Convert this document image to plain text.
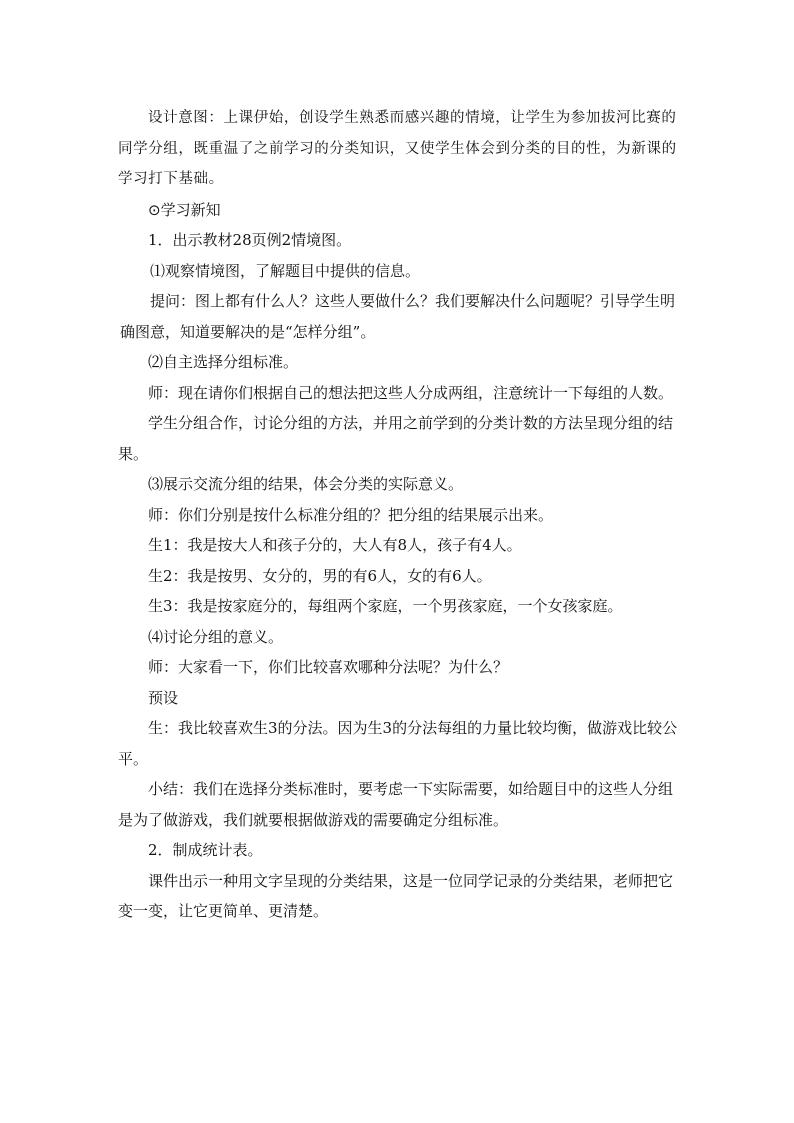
设计意图：上课伊始，创设学生熟悉而感兴趣的情境，让学生为参加拔河比赛的同学分组，既重温了之前学习的分类知识，又使学生体会到分类的目的性，为新课的学习打下基础。

⊙学习新知

1．出示教材28页例2情境图。

⑴观察情境图，了解题目中提供的信息。

提问：图上都有什么人？这些人要做什么？我们要解决什么问题呢？引导学生明确图意，知道要解决的是“怎样分组”。

⑵自主选择分组标准。

师：现在请你们根据自己的想法把这些人分成两组，注意统计一下每组的人数。

学生分组合作，讨论分组的方法，并用之前学到的分类计数的方法呈现分组的结果。

⑶展示交流分组的结果，体会分类的实际意义。

师：你们分别是按什么标准分组的？把分组的结果展示出来。

生1：我是按大人和孩子分的，大人有8人，孩子有4人。

生2：我是按男、女分的，男的有6人，女的有6人。

生3：我是按家庭分的，每组两个家庭，一个男孩家庭，一个女孩家庭。

⑷讨论分组的意义。

师：大家看一下，你们比较喜欢哪种分法呢？为什么？

预设

生：我比较喜欢生3的分法。因为生3的分法每组的力量比较均衡，做游戏比较公平。

小结：我们在选择分类标准时，要考虑一下实际需要，如给题目中的这些人分组是为了做游戏，我们就要根据做游戏的需要确定分组标准。

2．制成统计表。

课件出示一种用文字呈现的分类结果，这是一位同学记录的分类结果，老师把它变一变，让它更简单、更清楚。
